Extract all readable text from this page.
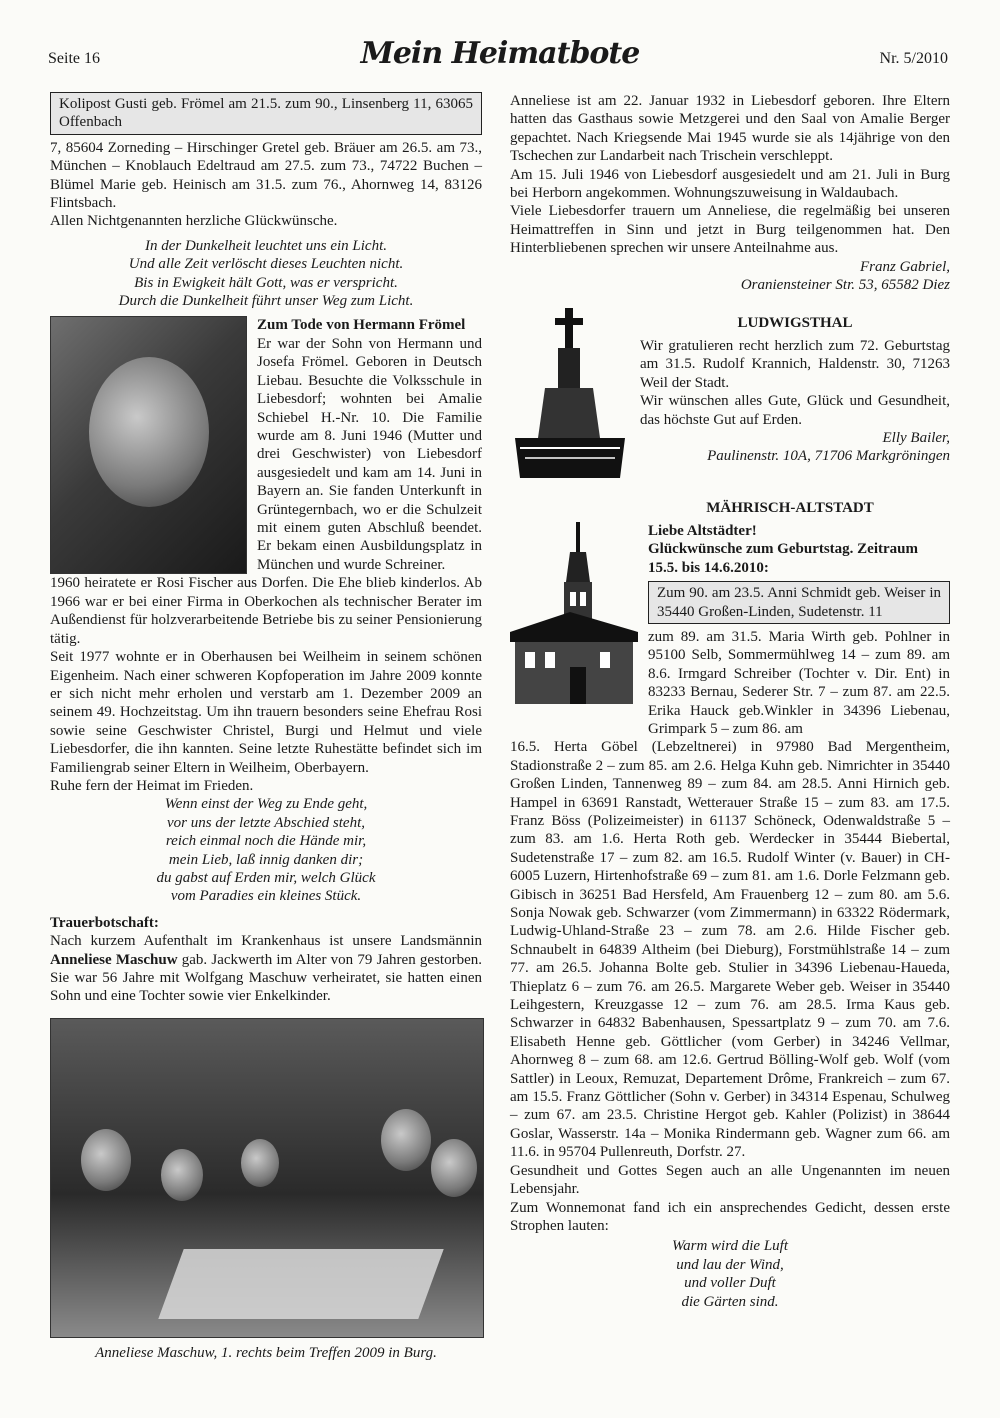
Seite 16	Mein Heimatbote	Nr. 5/2010
Kolipost Gusti geb. Frömel am 21.5. zum 90., Linsenberg 11, 63065 Offenbach

7, 85604 Zorneding – Hirschinger Gretel geb. Bräuer am 26.5. am 73., München – Knoblauch Edeltraud am 27.5. zum 73., 74722 Buchen – Blümel Marie geb. Heinisch am 31.5. zum 76., Ahornweg 14, 83126 Flintsbach.

Allen Nichtgenannten herzliche Glückwünsche.

In der Dunkelheit leuchtet uns ein Licht.
Und alle Zeit verlöscht dieses Leuchten nicht.
Bis in Ewigkeit hält Gott, was er verspricht.
Durch die Dunkelheit führt unser Weg zum Licht.
Zum Tode von Hermann Frömel

Er war der Sohn von Hermann und Josefa Frömel. Geboren in Deutsch Liebau. Besuchte die Volksschule in Liebesdorf; wohnten bei Amalie Schiebel H.-Nr. 10. Die Familie wurde am 8. Juni 1946 (Mutter und drei Geschwister) von Liebesdorf ausgesiedelt und kam am 14. Juni in Bayern an. Sie fanden Unterkunft in Grüntegernbach, wo er die Schulzeit mit einem guten Abschluß beendet. Er bekam einen Ausbildungsplatz in München und wurde Schreiner.

1960 heiratete er Rosi Fischer aus Dorfen. Die Ehe blieb kinderlos. Ab 1966 war er bei einer Firma in Oberkochen als technischer Berater im Außendienst für holzverarbeitende Betriebe bis zu seiner Pensionierung tätig.

Seit 1977 wohnte er in Oberhausen bei Weilheim in seinem schönen Eigenheim. Nach einer schweren Kopfoperation im Jahre 2009 konnte er sich nicht mehr erholen und verstarb am 1. Dezember 2009 an seinem 49. Hochzeitstag. Um ihn trauern besonders seine Ehefrau Rosi sowie seine Geschwister Christel, Burgi und Helmut und viele Liebesdorfer, die ihn kannten. Seine letzte Ruhestätte befindet sich im Familiengrab seiner Eltern in Weilheim, Oberbayern.

Ruhe fern der Heimat im Frieden.

Wenn einst der Weg zu Ende geht,
vor uns der letzte Abschied steht,
reich einmal noch die Hände mir,
mein Lieb, laß innig danken dir;
du gabst auf Erden mir, welch Glück
vom Paradies ein kleines Stück.
Trauerbotschaft:

Nach kurzem Aufenthalt im Krankenhaus ist unsere Landsmännin Anneliese Maschuw gab. Jackwerth im Alter von 79 Jahren gestorben. Sie war 56 Jahre mit Wolfgang Maschuw verheiratet, sie hatten einen Sohn und eine Tochter sowie vier Enkelkinder.

Anneliese Maschuw, 1. rechts beim Treffen 2009 in Burg.

Anneliese ist am 22. Januar 1932 in Liebesdorf geboren. Ihre Eltern hatten das Gasthaus sowie Metzgerei und den Saal von Amalie Berger gepachtet. Nach Kriegsende Mai 1945 wurde sie als 14jährige von den Tschechen zur Landarbeit nach Trischein verschleppt.

Am 15. Juli 1946 von Liebesdorf ausgesiedelt und am 21. Juli in Burg bei Herborn angekommen. Wohnungszuweisung in Waldaubach.

Viele Liebesdorfer trauern um Anneliese, die regelmäßig bei unseren Heimattreffen in Sinn und jetzt in Burg teilgenommen hat. Den Hinterbliebenen sprechen wir unsere Anteilnahme aus.

Franz Gabriel,
Oraniensteiner Str. 53, 65582 Diez
LUDWIGSTHAL

Wir gratulieren recht herzlich zum 72. Geburtstag am 31.5. Rudolf Krannich, Haldenstr. 30, 71263 Weil der Stadt.

Wir wünschen alles Gute, Glück und Gesundheit, das höchste Gut auf Erden.

Elly Bailer,
Paulinenstr. 10A, 71706 Markgröningen
MÄHRISCH-ALTSTADT
Liebe Altstädter!
Glückwünsche zum Geburtstag. Zeitraum 15.5. bis 14.6.2010:
Zum 90. am 23.5. Anni Schmidt geb. Weiser in 35440 Großen-Linden, Sudetenstr. 11

zum 89. am 31.5. Maria Wirth geb. Pohlner in 95100 Selb, Sommermühlweg 14 – zum 89. am 8.6. Irmgard Schreiber (Tochter v. Dir. Ent) in 83233 Bernau, Sederer Str. 7 – zum 87. am 22.5. Erika Hauck geb.Winkler in 34396 Liebenau, Grimpark 5 – zum 86. am

16.5. Herta Göbel (Lebzeltnerei) in 97980 Bad Mergentheim, Stadionstraße 2 – zum 85. am 2.6. Helga Kuhn geb. Nimrichter in 35440 Großen Linden, Tannenweg 89 – zum 84. am 28.5. Anni Hirnich geb. Hampel in 63691 Ranstadt, Wetterauer Straße 15 – zum 83. am 17.5. Franz Böss (Polizeimeister) in 61137 Schöneck, Odenwaldstraße 5 – zum 83. am 1.6. Herta Roth geb. Werdecker in 35444 Biebertal, Sudetenstraße 17 – zum 82. am 16.5. Rudolf Winter (v. Bauer) in CH-6005 Luzern, Hirtenhofstraße 69 – zum 81. am 1.6. Dorle Felzmann geb. Gibisch in 36251 Bad Hersfeld, Am Frauenberg 12 – zum 80. am 5.6. Sonja Nowak geb. Schwarzer (vom Zimmermann) in 63322 Rödermark, Ludwig-Uhland-Straße 23 – zum 78. am 2.6. Hilde Fischer geb. Schnaubelt in 64839 Altheim (bei Dieburg), Forstmühlstraße 14 – zum 77. am 26.5. Johanna Bolte geb. Stulier in 34396 Liebenau-Haueda, Thieplatz 6 – zum 76. am 26.5. Margarete Weber geb. Weiser in 35440 Leihgestern, Kreuzgasse 12 – zum 76. am 28.5. Irma Kaus geb. Schwarzer in 64832 Babenhausen, Spessartplatz 9 – zum 70. am 7.6. Elisabeth Henne geb. Göttlicher (vom Gerber) in 34246 Vellmar, Ahornweg 8 – zum 68. am 12.6. Gertrud Bölling-Wolf geb. Wolf (vom Sattler) in Leoux, Remuzat, Departement Drôme, Frankreich – zum 67. am 15.5. Franz Göttlicher (Sohn v. Gerber) in 34314 Espenau, Schulweg – zum 67. am 23.5. Christine Hergot geb. Kahler (Polizist) in 38644 Goslar, Wasserstr. 14a – Monika Rindermann geb. Wagner zum 66. am 11.6. in 95704 Pullenreuth, Dorfstr. 27.

Gesundheit und Gottes Segen auch an alle Ungenannten im neuen Lebensjahr.

Zum Wonnemonat fand ich ein ansprechendes Gedicht, dessen erste Strophen lauten:

Warm wird die Luft
und lau der Wind,
und voller Duft
die Gärten sind.
